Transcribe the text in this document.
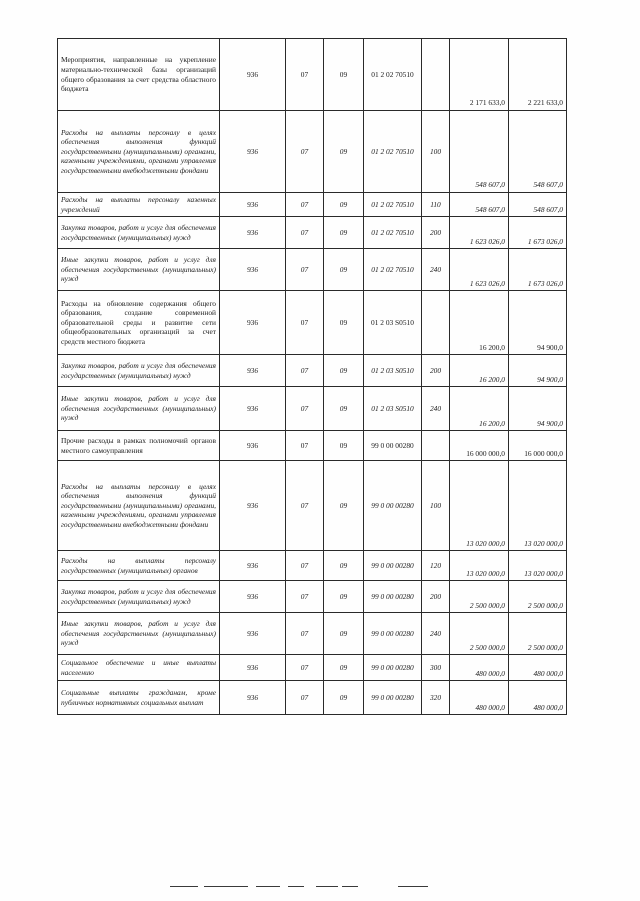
Мероприятия, направленные на укрепление материально-технической базы организаций общего образования за счет средства областного бюджета	936	07	09	01 2 02 70510		2 171 633,0	2 221 633,0
Расходы на выплаты персоналу в целях обеспечения выполнения функций государственными (муниципальными) органами, казенными учреждениями, органами управления государственными внебюджетными фондами	936	07	09	01 2 02 70510	100	548 607,0	548 607,0
Расходы на выплаты персоналу казенных учреждений	936	07	09	01 2 02 70510	110	548 607,0	548 607,0
Закупка товаров, работ и услуг для обеспечения государственных (муниципальных) нужд	936	07	09	01 2 02 70510	200	1 623 026,0	1 673 026,0
Иные закупки товаров, работ и услуг для обеспечения государственных (муниципальных) нужд	936	07	09	01 2 02 70510	240	1 623 026,0	1 673 026,0
Расходы на обновление содержания общего образования, создание современной образовательной среды и развитие сети общеобразовательных организаций за счет средств местного бюджета	936	07	09	01 2 03 S0510		16 200,0	94 900,0
Закупка товаров, работ и услуг для обеспечения государственных (муниципальных) нужд	936	07	09	01 2 03 S0510	200	16 200,0	94 900,0
Иные закупки товаров, работ и услуг для обеспечения государственных (муниципальных) нужд	936	07	09	01 2 03 S0510	240	16 200,0	94 900,0
Прочие расходы в рамках полномочий органов местного самоуправления	936	07	09	99 0 00 00280		16 000 000,0	16 000 000,0
Расходы на выплаты персоналу в целях обеспечения выполнения функций государственными (муниципальными) органами, казенными учреждениями, органами управления государственными внебюджетными фондами	936	07	09	99 0 00 00280	100	13 020 000,0	13 020 000,0
Расходы на выплаты персоналу государственных (муниципальных) органов	936	07	09	99 0 00 00280	120	13 020 000,0	13 020 000,0
Закупка товаров, работ и услуг для обеспечения государственных (муниципальных) нужд	936	07	09	99 0 00 00280	200	2 500 000,0	2 500 000,0
Иные закупки товаров, работ и услуг для обеспечения государственных (муниципальных) нужд	936	07	09	99 0 00 00280	240	2 500 000,0	2 500 000,0
Социальное обеспечение и иные выплаты населению	936	07	09	99 0 00 00280	300	480 000,0	480 000,0
Социальные выплаты гражданам, кроме публичных нормативных социальных выплат	936	07	09	99 0 00 00280	320	480 000,0	480 000,0
